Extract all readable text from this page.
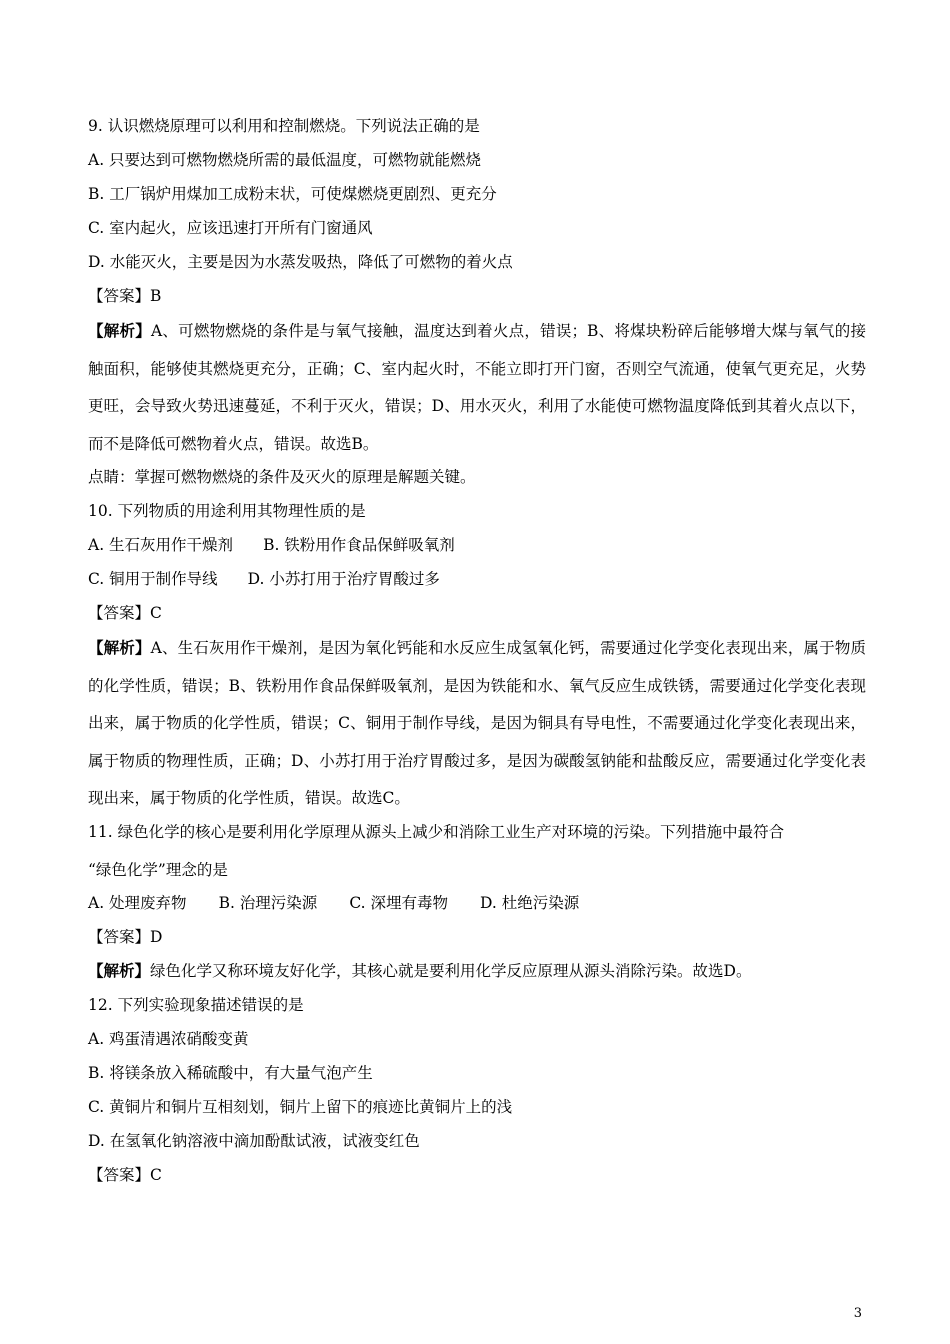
9. 认识燃烧原理可以利用和控制燃烧。下列说法正确的是
A. 只要达到可燃物燃烧所需的最低温度，可燃物就能燃烧
B. 工厂锅炉用煤加工成粉末状，可使煤燃烧更剧烈、更充分
C. 室内起火，应该迅速打开所有门窗通风
D. 水能灭火，主要是因为水蒸发吸热，降低了可燃物的着火点
【答案】B
【解析】A、可燃物燃烧的条件是与氧气接触，温度达到着火点，错误；B、将煤块粉碎后能够增大煤与氧气的接触面积，能够使其燃烧更充分，正确；C、室内起火时，不能立即打开门窗，否则空气流通，使氧气更充足，火势更旺，会导致火势迅速蔓延，不利于灭火，错误；D、用水灭火，利用了水能使可燃物温度降低到其着火点以下，而不是降低可燃物着火点，错误。故选B。
点睛：掌握可燃物燃烧的条件及灭火的原理是解题关键。
10. 下列物质的用途利用其物理性质的是
A. 生石灰用作干燥剂 B. 铁粉用作食品保鲜吸氧剂
C. 铜用于制作导线 D. 小苏打用于治疗胃酸过多
【答案】C
【解析】A、生石灰用作干燥剂，是因为氧化钙能和水反应生成氢氧化钙，需要通过化学变化表现出来，属于物质的化学性质，错误；B、铁粉用作食品保鲜吸氧剂，是因为铁能和水、氧气反应生成铁锈，需要通过化学变化表现出来，属于物质的化学性质，错误；C、铜用于制作导线，是因为铜具有导电性，不需要通过化学变化表现出来，属于物质的物理性质，正确；D、小苏打用于治疗胃酸过多，是因为碳酸氢钠能和盐酸反应，需要通过化学变化表现出来，属于物质的化学性质，错误。故选C。
11. 绿色化学的核心是要利用化学原理从源头上减少和消除工业生产对环境的污染。下列措施中最符合
“绿色化学”理念的是
A. 处理废弃物 B. 治理污染源 C. 深埋有毒物 D. 杜绝污染源
【答案】D
【解析】绿色化学又称环境友好化学，其核心就是要利用化学反应原理从源头消除污染。故选D。
12. 下列实验现象描述错误的是
A. 鸡蛋清遇浓硝酸变黄
B. 将镁条放入稀硫酸中，有大量气泡产生
C. 黄铜片和铜片互相刻划，铜片上留下的痕迹比黄铜片上的浅
D. 在氢氧化钠溶液中滴加酚酞试液，试液变红色
【答案】C
3
